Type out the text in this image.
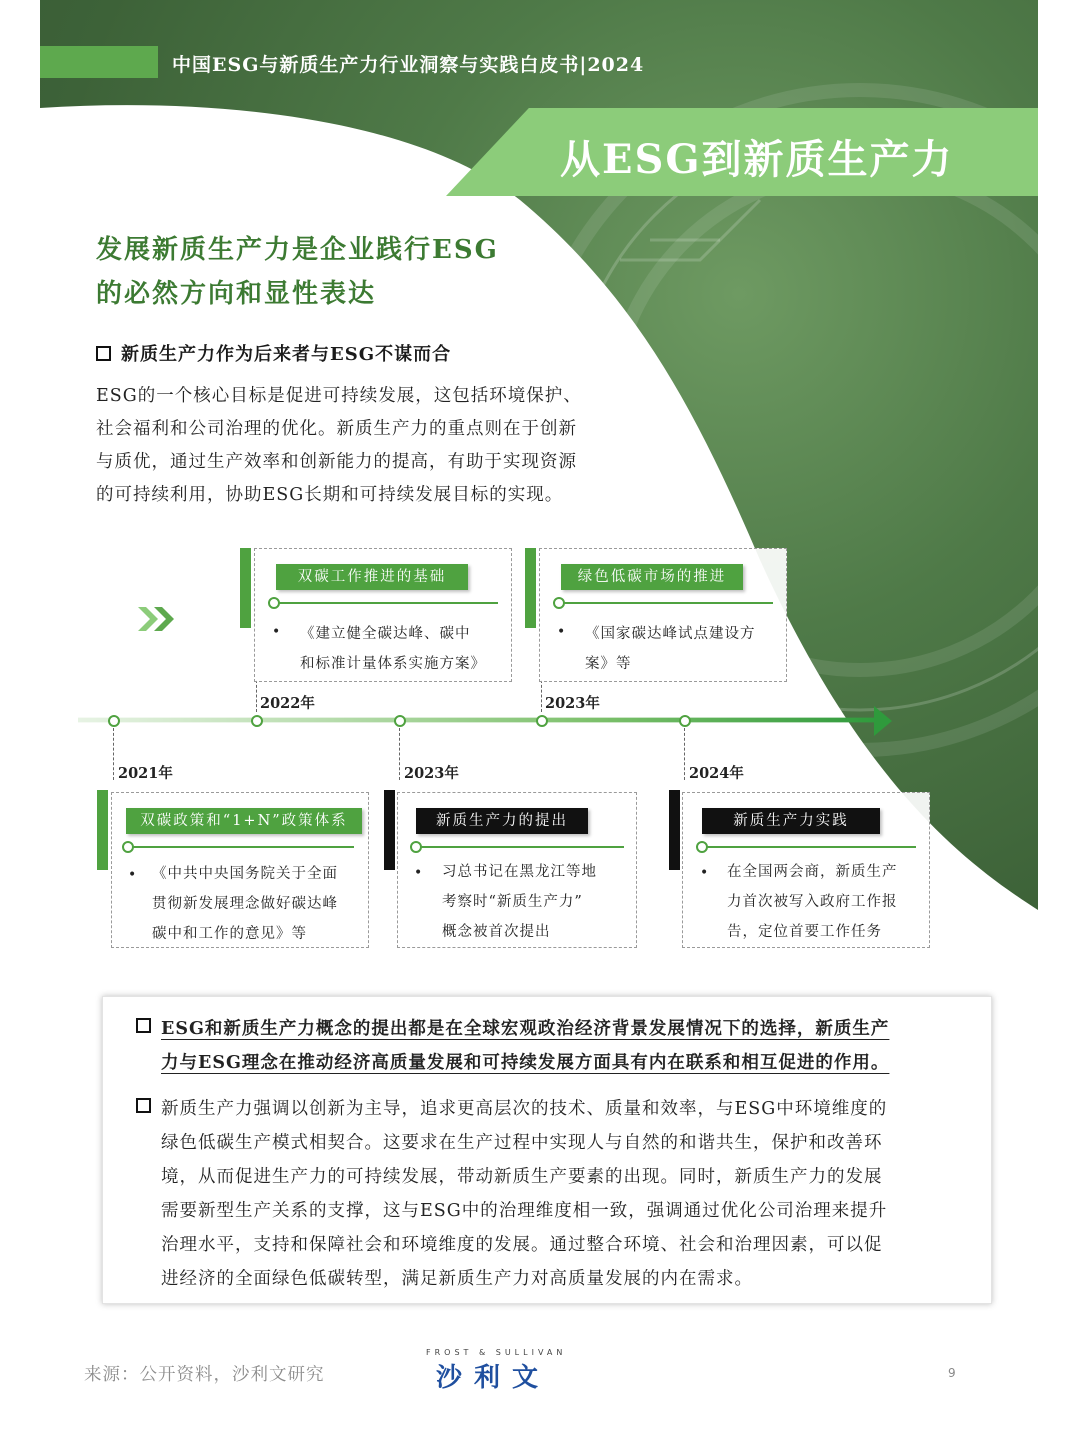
中国ESG与新质生产力行业洞察与实践白皮书|2024
从ESG到新质生产力
发展新质生产力是企业践行ESG
的必然方向和显性表达
新质生产力作为后来者与ESG不谋而合
ESG的一个核心目标是促进可持续发展，这包括环境保护、
社会福利和公司治理的优化。新质生产力的重点则在于创新
与质优，通过生产效率和创新能力的提高，有助于实现资源
的可持续利用，协助ESG长期和可持续发展目标的实现。
2022年	2023年
2021年	2023年	2024年
双碳工作推进的基础
• 《建立健全碳达峰、碳中
和标准计量体系实施方案》
绿色低碳市场的推进
• 《国家碳达峰试点建设方
案》等
双碳政策和“1+N”政策体系
• 《中共中央国务院关于全面
贯彻新发展理念做好碳达峰
碳中和工作的意见》等
新质生产力的提出
• 习总书记在黑龙江等地
考察时“新质生产力”
概念被首次提出
新质生产力实践
• 在全国两会商，新质生产
力首次被写入政府工作报
告，定位首要工作任务
ESG和新质生产力概念的提出都是在全球宏观政治经济背景发展情况下的选择，新质生产
力与ESG理念在推动经济高质量发展和可持续发展方面具有内在联系和相互促进的作用。
新质生产力强调以创新为主导，追求更高层次的技术、质量和效率，与ESG中环境维度的
绿色低碳生产模式相契合。这要求在生产过程中实现人与自然的和谐共生，保护和改善环
境，从而促进生产力的可持续发展，带动新质生产要素的出现。同时，新质生产力的发展
需要新型生产关系的支撑，这与ESG中的治理维度相一致，强调通过优化公司治理来提升
治理水平，支持和保障社会和环境维度的发展。通过整合环境、社会和治理因素，可以促
进经济的全面绿色低碳转型，满足新质生产力对高质量发展的内在需求。
来源：公开资料，沙利文研究
FROST & SULLIVAN
沙利文	9
